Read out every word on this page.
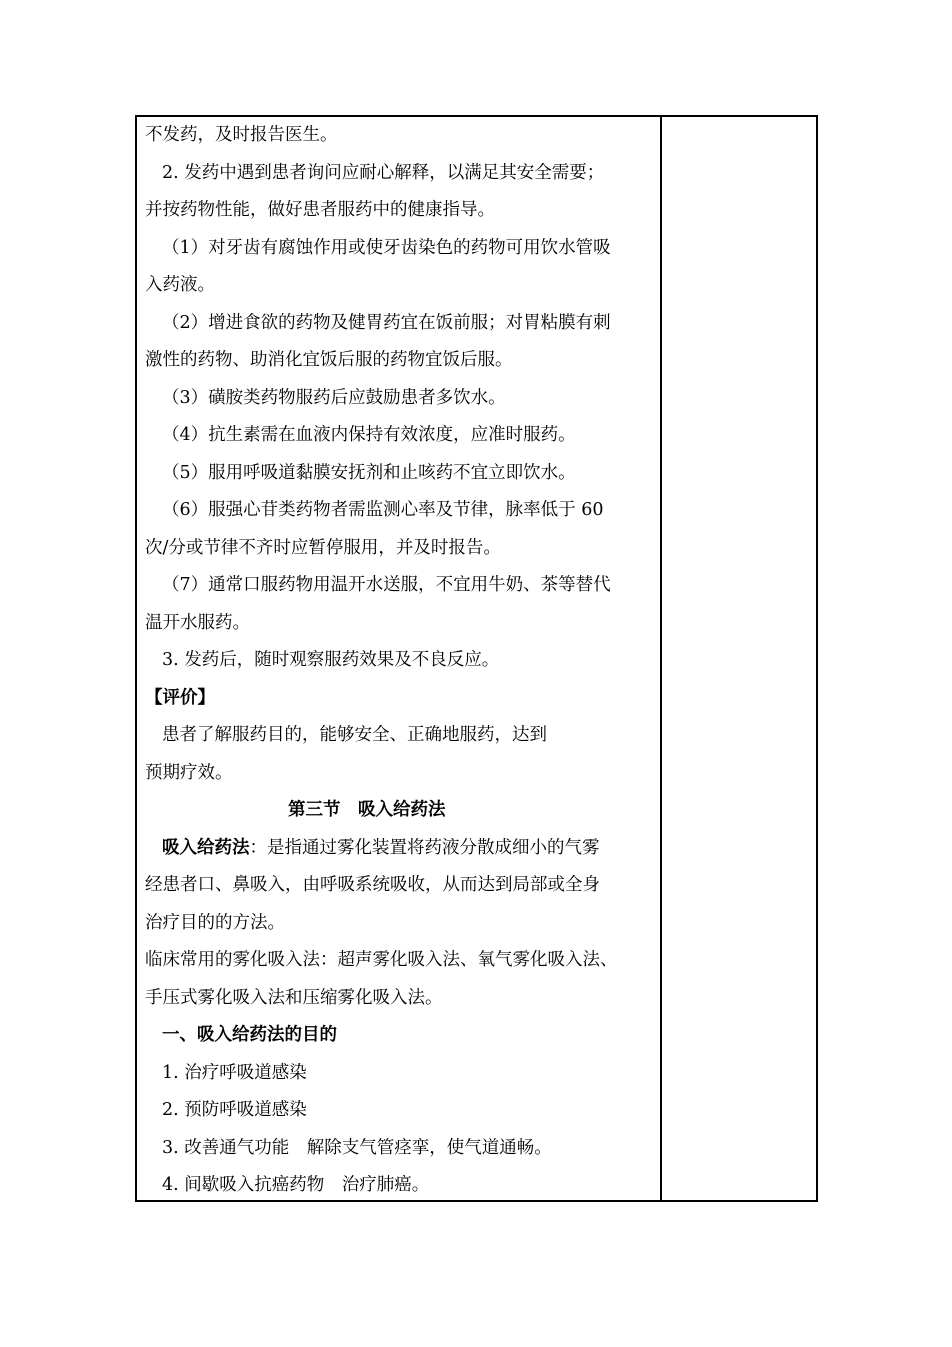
不发药，及时报告医生。
2. 发药中遇到患者询问应耐心解释，以满足其安全需要；
并按药物性能，做好患者服药中的健康指导。
（1）对牙齿有腐蚀作用或使牙齿染色的药物可用饮水管吸
入药液。
（2）增进食欲的药物及健胃药宜在饭前服；对胃粘膜有刺
激性的药物、助消化宜饭后服的药物宜饭后服。
（3）磺胺类药物服药后应鼓励患者多饮水。
（4）抗生素需在血液内保持有效浓度，应准时服药。
（5）服用呼吸道黏膜安抚剂和止咳药不宜立即饮水。
（6）服强心苷类药物者需监测心率及节律，脉率低于 60
次/分或节律不齐时应暂停服用，并及时报告。
（7）通常口服药物用温开水送服，不宜用牛奶、茶等替代
温开水服药。
3. 发药后，随时观察服药效果及不良反应。
【评价】
患者了解服药目的，能够安全、正确地服药，达到
预期疗效。
第三节　吸入给药法
吸入给药法：是指通过雾化装置将药液分散成细小的气雾
经患者口、鼻吸入，由呼吸系统吸收，从而达到局部或全身
治疗目的的方法。
临床常用的雾化吸入法：超声雾化吸入法、氧气雾化吸入法、
手压式雾化吸入法和压缩雾化吸入法。
一、吸入给药法的目的
1. 治疗呼吸道感染
2. 预防呼吸道感染
3. 改善通气功能　解除支气管痉挛，使气道通畅。
4. 间歇吸入抗癌药物　治疗肺癌。
